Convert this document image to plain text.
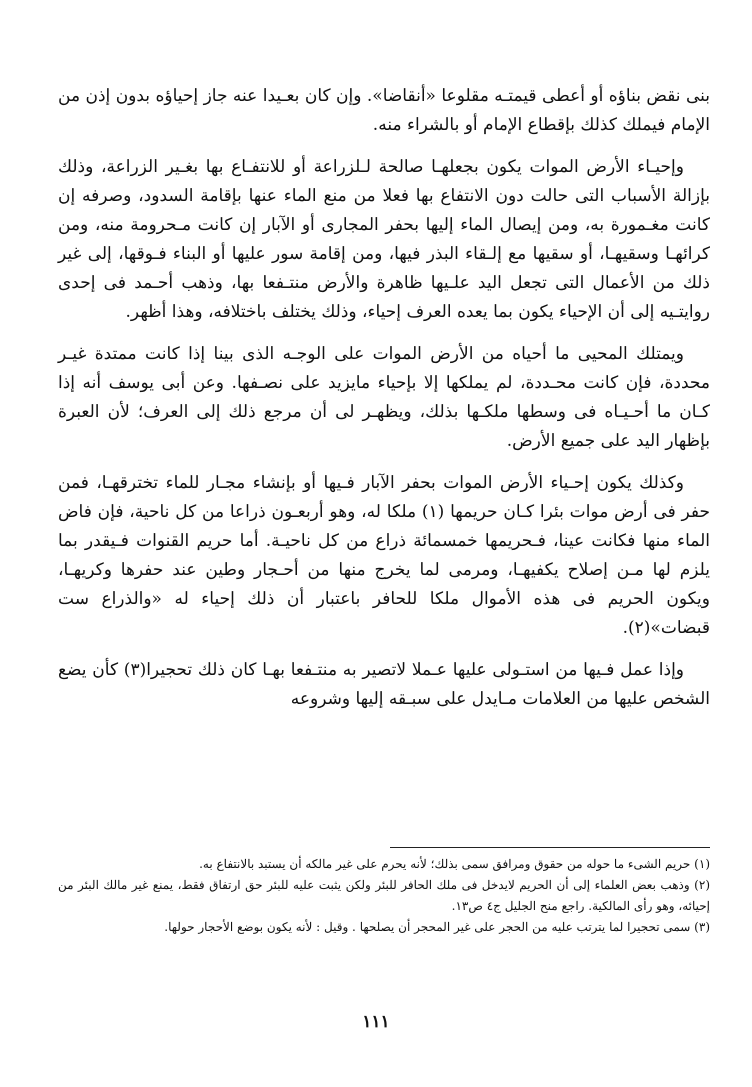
بنى نقض بناؤه أو أعطى قيمتـه مقلوعا «أنقاضا». وإن كان بعـيدا عنه جاز إحياؤه بدون إذن من الإمام فيملك كذلك بإقطاع الإمام أو بالشراء منه.

وإحيـاء الأرض الموات يكون بجعلهـا صالحة لـلزراعة أو للانتفـاع بها بغـير الزراعة، وذلك بإزالة الأسباب التى حالت دون الانتفاع بها فعلا من منع الماء عنها بإقامة السدود، وصرفه إن كانت مغـمورة به، ومن إيصال الماء إليها بحفر المجارى أو الآبار إن كانت مـحرومة منه، ومن كرائهـا وسقيهـا، أو سقيها مع إلـقاء البذر فيها، ومن إقامة سور عليها أو البناء فـوقها، إلى غير ذلك من الأعمال التى تجعل اليد علـيها ظاهرة والأرض منتـفعا بها، وذهب أحـمد فى إحدى روايتـيه إلى أن الإحياء يكون بما يعده العرف إحياء، وذلك يختلف باختلافه، وهذا أظهر.

ويمتلك المحيى ما أحياه من الأرض الموات على الوجـه الذى بينا إذا كانت ممتدة غيـر محددة، فإن كانت محـددة، لم يملكها إلا بإحياء مايزيد على نصـفها. وعن أبى يوسف أنه إذا كـان ما أحـيـاه فى وسطها ملكـها بذلك، ويظهـر لى أن مرجع ذلك إلى العرف؛ لأن العبرة بإظهار اليد على جميع الأرض.

وكذلك يكون إحـياء الأرض الموات بحفر الآبار فـيها أو بإنشاء مجـار للماء تخترقهـا، فمن حفر فى أرض موات بئرا كـان حريمها (١) ملكا له، وهو أربعـون ذراعا من كل ناحية، فإن فاض الماء منها فكانت عينا، فـحريمها خمسمائة ذراع من كل ناحيـة. أما حريم القنوات فـيقدر بما يلزم لها مـن إصلاح يكفيهـا، ومرمى لما يخرج منها من أحـجار وطين عند حفرها وكريهـا، ويكون الحريم فى هذه الأموال ملكا للحافر باعتبار أن ذلك إحياء له «والذراع ست قبضات»(٢).

وإذا عمل فـيها من استـولى عليها عـملا لاتصير به منتـفعا بهـا كان ذلك تحجيرا(٣) كأن يضع الشخص عليها من العلامات مـايدل على سبـقه إليها وشروعه

(١) حريم الشىء ما حوله من حقوق ومرافق سمى بذلك؛ لأنه يحرم على غير مالكه أن يستبد بالانتفاع به.

(٢) وذهب بعض العلماء إلى أن الحريم لايدخل فى ملك الحافر للبئر ولكن يثبت عليه للبئر حق ارتفاق فقط، يمنع غير مالك البئر من إحيائه، وهو رأى المالكية. راجع منح الجليل ج٤ ص١٣.

(٣) سمى تحجيرا لما يترتب عليه من الحجر على غير المحجر أن يصلحها . وقيل : لأنه يكون بوضع الأحجار حولها.

١١١
